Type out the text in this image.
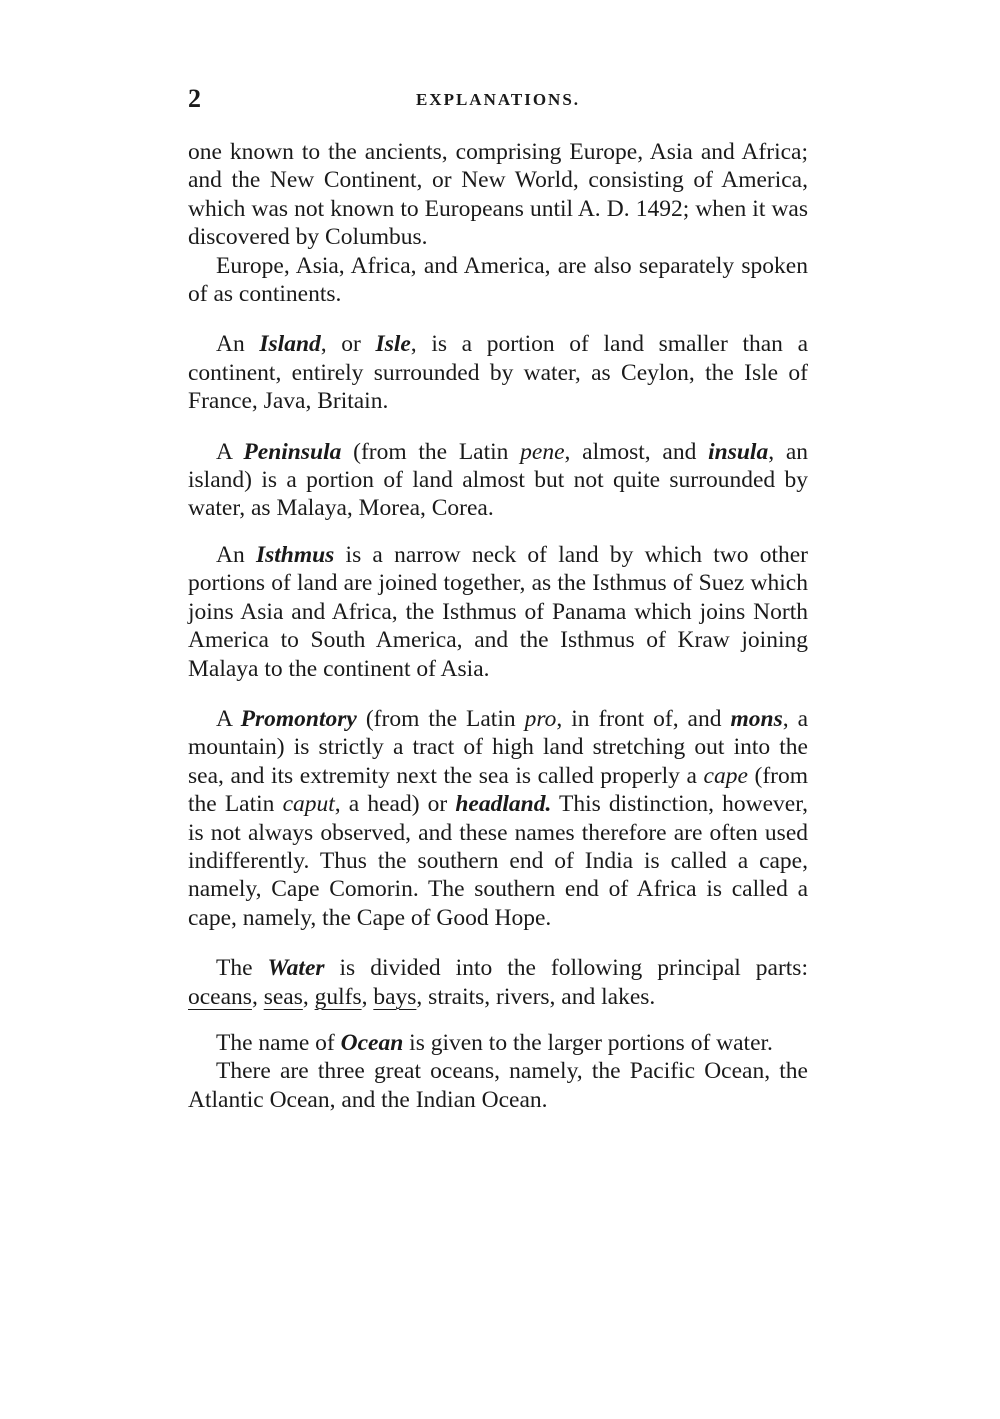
2	EXPLANATIONS.

one known to the ancients, comprising Europe, Asia and Africa; and the New Continent, or New World, consisting of America, which was not known to Europeans until A. D. 1492; when it was discovered by Columbus.

Europe, Asia, Africa, and America, are also separately spoken of as continents.

An Island, or Isle, is a portion of land smaller than a continent, entirely surrounded by water, as Ceylon, the Isle of France, Java, Britain.

A Peninsula (from the Latin pene, almost, and insula, an island) is a portion of land almost but not quite surrounded by water, as Malaya, Morea, Corea.

An Isthmus is a narrow neck of land by which two other portions of land are joined together, as the Isthmus of Suez which joins Asia and Africa, the Isthmus of Panama which joins North America to South America, and the Isthmus of Kraw joining Malaya to the continent of Asia.

A Promontory (from the Latin pro, in front of, and mons, a mountain) is strictly a tract of high land stretching out into the sea, and its extremity next the sea is called properly a cape (from the Latin caput, a head) or headland. This distinction, however, is not always observed, and these names therefore are often used indifferently. Thus the southern end of India is called a cape, namely, Cape Comorin. The southern end of Africa is called a cape, namely, the Cape of Good Hope.

The Water is divided into the following principal parts: oceans, seas, gulfs, bays, straits, rivers, and lakes.

The name of Ocean is given to the larger portions of water.

There are three great oceans, namely, the Pacific Ocean, the Atlantic Ocean, and the Indian Ocean.
